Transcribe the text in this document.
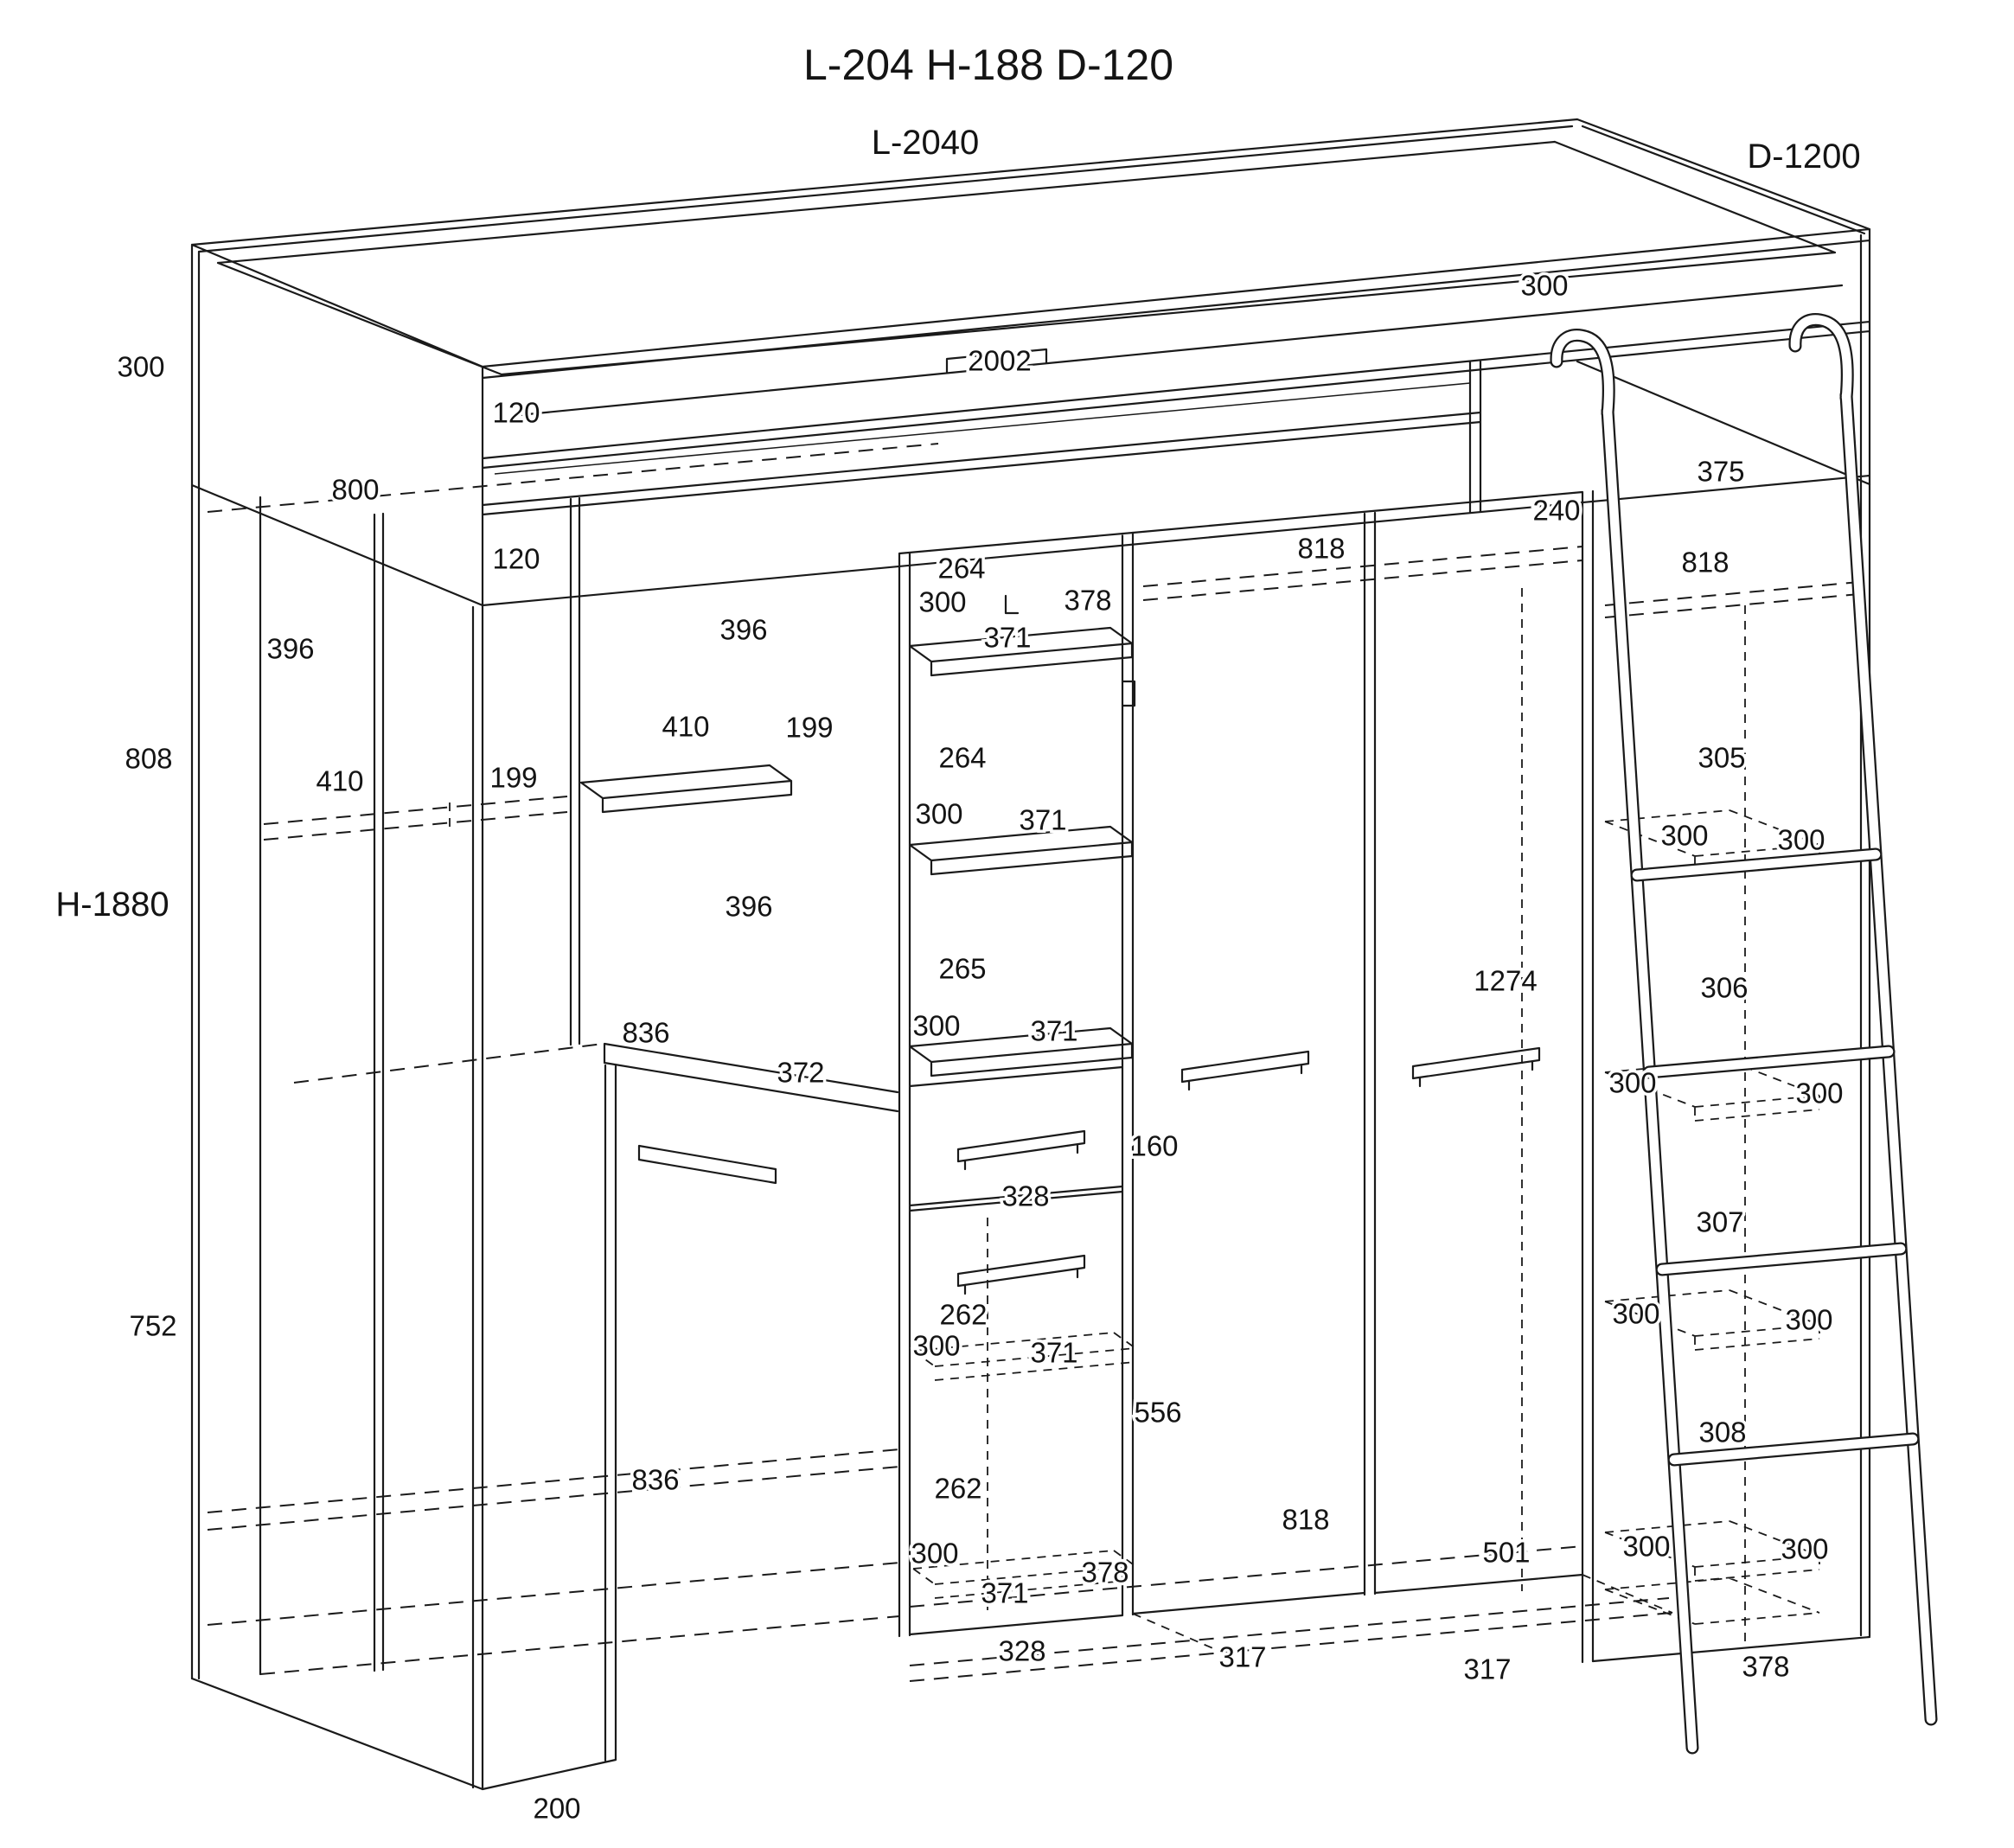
L-204 H-188 D-120
L-2040	D-1200
H-1880
300
2002
375
300
120
800
120
240
818	818
396
396
264
300	378
371
410	199
410	199
808	264
300 371
396
265
300 371
836
372
1274
305
300 300
306
300	300
160
328
307
300	300
262
300 371
556
308
300	300
752
836	262
300
378
371
818
501
328	317	317	378
200
